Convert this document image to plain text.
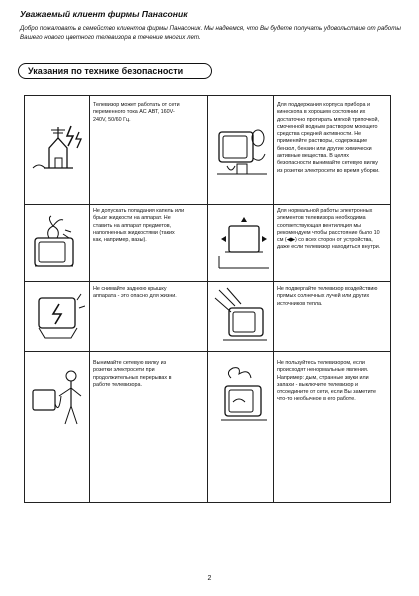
Уважаемый клиент фирмы Панасоник
Добро пожаловать в семейство клиентов фирмы Панасоник. Мы надеемся, что Вы будете получать удовольствие от работы Вашего нового цветного телевизора в течение многих лет.
Указания по технике безопасности
Телевизор может работать от сети переменного тока АС АВТ, 160V-240V, 50/60 Гц.
Для поддержания корпуса прибора и кинескопа в хорошем состоянии их достаточно протирать мягкой тряпочкой, смоченной водным раствором моющего средства средней активности. Не применяйте растворы, содержащие бензол, бензин или другие химически активные вещества. В целях безопасности вынимайте сетевую вилку из розетки электросети во время уборки.
Не допускать попадания капель или брызг жидкости на аппарат. Не ставить на аппарат предметов, наполненных жидкостями (таких как, например, вазы).
Для нормальной работы электронных элементов телевизора необходима соответствующая вентиляция мы рекомендуем чтобы расстояние было 10 см (◀▶) со всех сторон от устройства, даже если телевизор находиться внутри.
Не снимайте заднюю крышку аппарата - это опасно для жизни.
Не подвергайте телевизор воздействию прямых солнечных лучей или других источников тепла.
Вынимайте сетевую вилку из розетки электросети при продолжительных перерывах в работе телевизора.
Не пользуйтесь телевизором, если происходят ненормальные явления. Например: дым, странные звуки или запахи - выключите телевизор и отсоедините от сети, если Вы заметите что-то необычное в его работе.
2
